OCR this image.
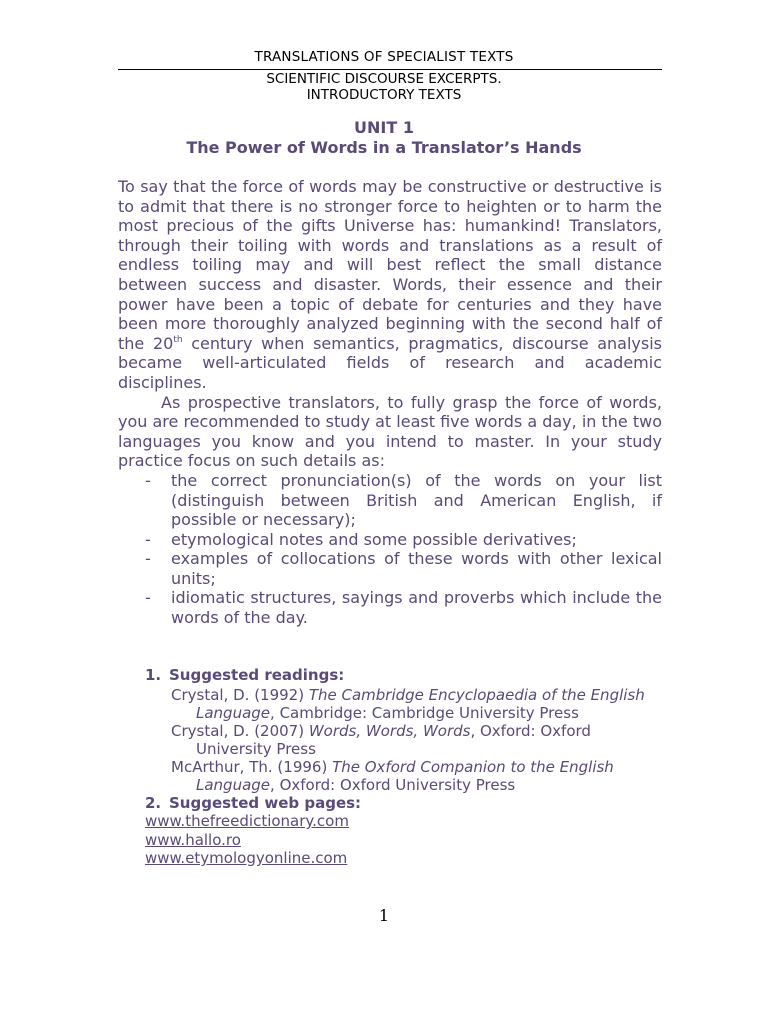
TRANSLATIONS OF SPECIALIST TEXTS
SCIENTIFIC DISCOURSE EXCERPTS.
INTRODUCTORY TEXTS
UNIT 1
The Power of Words in a Translator’s Hands

To say that the force of words may be constructive or destructive is to admit that there is no stronger force to heighten or to harm the most precious of the gifts Universe has: humankind! Translators, through their toiling with words and translations as a result of endless toiling may and will best reflect the small distance between success and disaster. Words, their essence and their power have been a topic of debate for centuries and they have been more thoroughly analyzed beginning with the second half of the 20th century when semantics, pragmatics, discourse analysis became well-articulated fields of research and academic disciplines.

As prospective translators, to fully grasp the force of words, you are recommended to study at least five words a day, in the two languages you know and you intend to master. In your study practice focus on such details as:

- the correct pronunciation(s) of the words on your list (distinguish between British and American English, if possible or necessary);
- etymological notes and some possible derivatives;
- examples of collocations of these words with other lexical units;
- idiomatic structures, sayings and proverbs which include the words of the day.
1. Suggested readings:
Crystal, D. (1992) The Cambridge Encyclopaedia of the English Language, Cambridge: Cambridge University Press
Crystal, D. (2007) Words, Words, Words, Oxford: Oxford University Press
McArthur, Th. (1996) The Oxford Companion to the English Language, Oxford: Oxford University Press
2. Suggested web pages:
www.thefreedictionary.com
www.hallo.ro
www.etymologyonline.com
1
